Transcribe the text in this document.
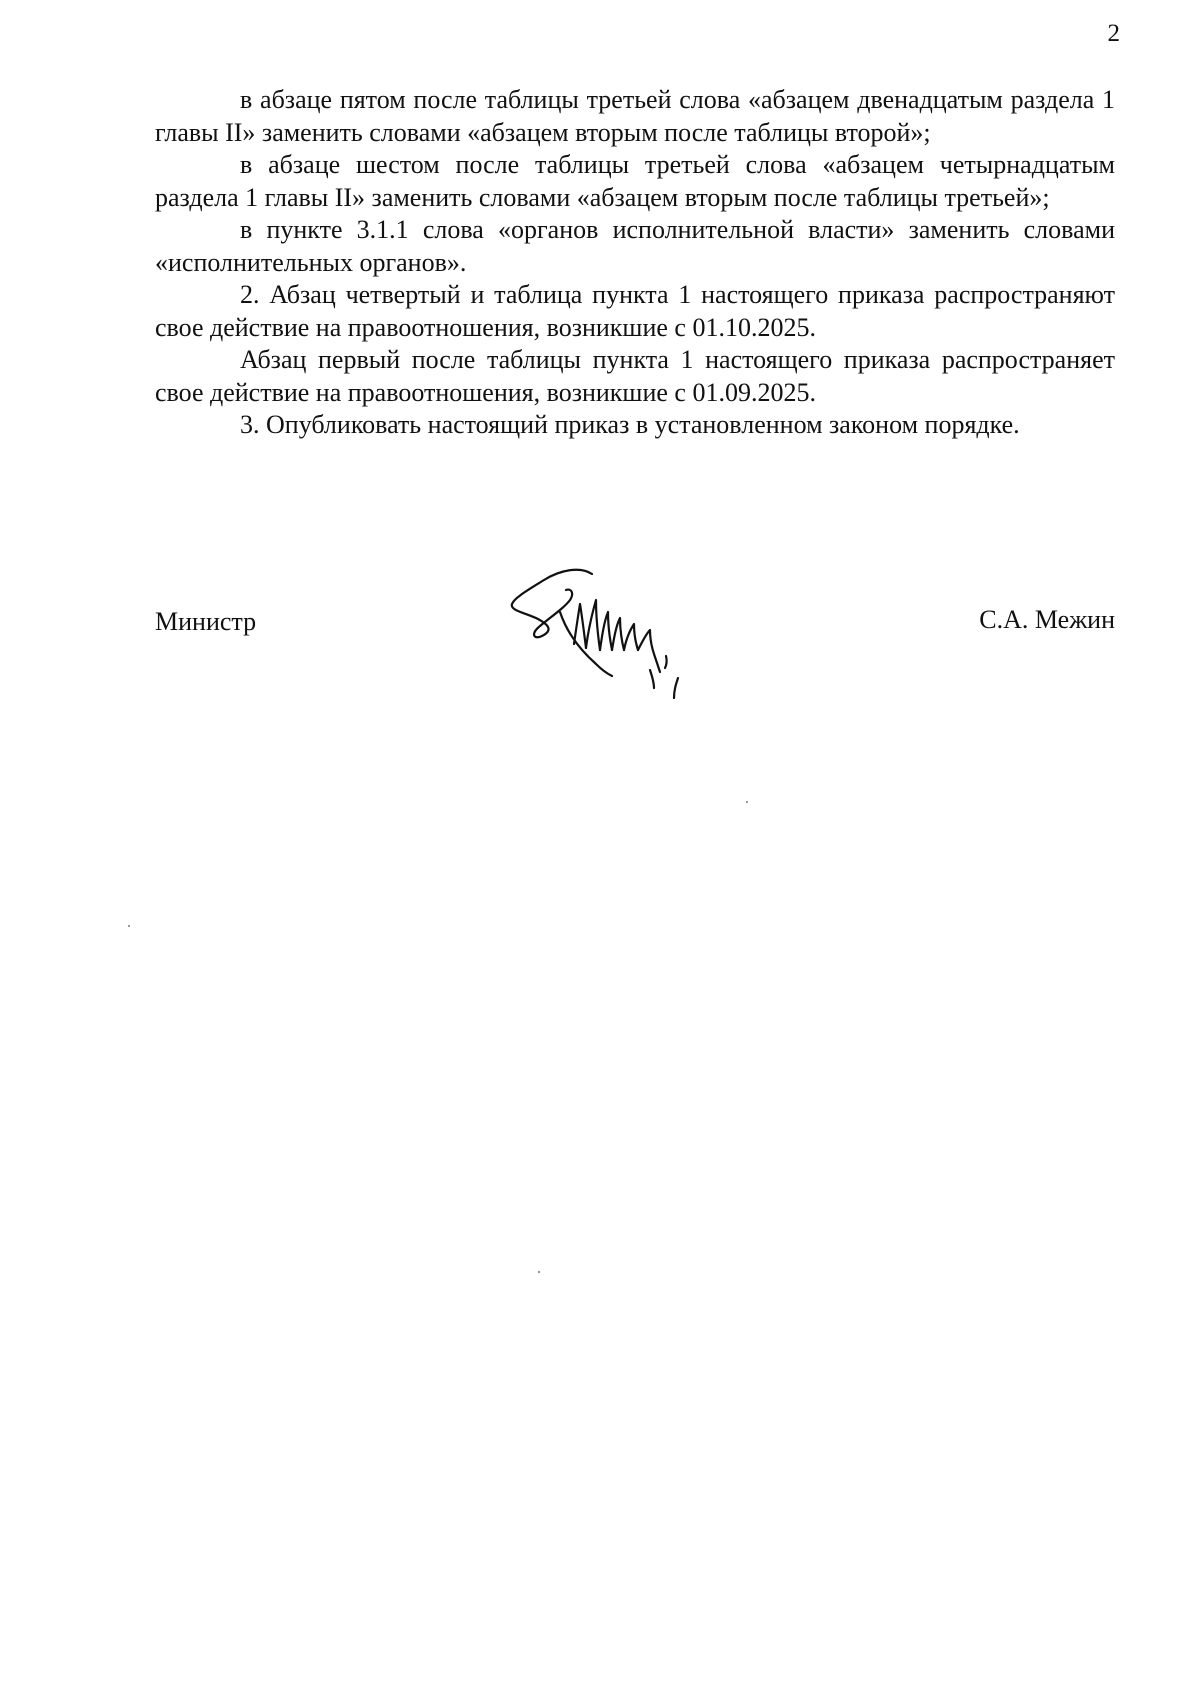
2

в абзаце пятом после таблицы третьей слова «абзацем двенадцатым раздела 1 главы II» заменить словами «абзацем вторым после таблицы второй»;

в абзаце шестом после таблицы третьей слова «абзацем четырнадцатым раздела 1 главы II» заменить словами «абзацем вторым после таблицы третьей»;

в пункте 3.1.1 слова «органов исполнительной власти» заменить словами «исполнительных органов».

2. Абзац четвертый и таблица пункта 1 настоящего приказа распространяют свое действие на правоотношения, возникшие с 01.10.2025.

Абзац первый после таблицы пункта 1 настоящего приказа распространяет свое действие на правоотношения, возникшие с 01.09.2025.

3. Опубликовать настоящий приказ в установленном законом порядке.

Министр	С.А. Межин
